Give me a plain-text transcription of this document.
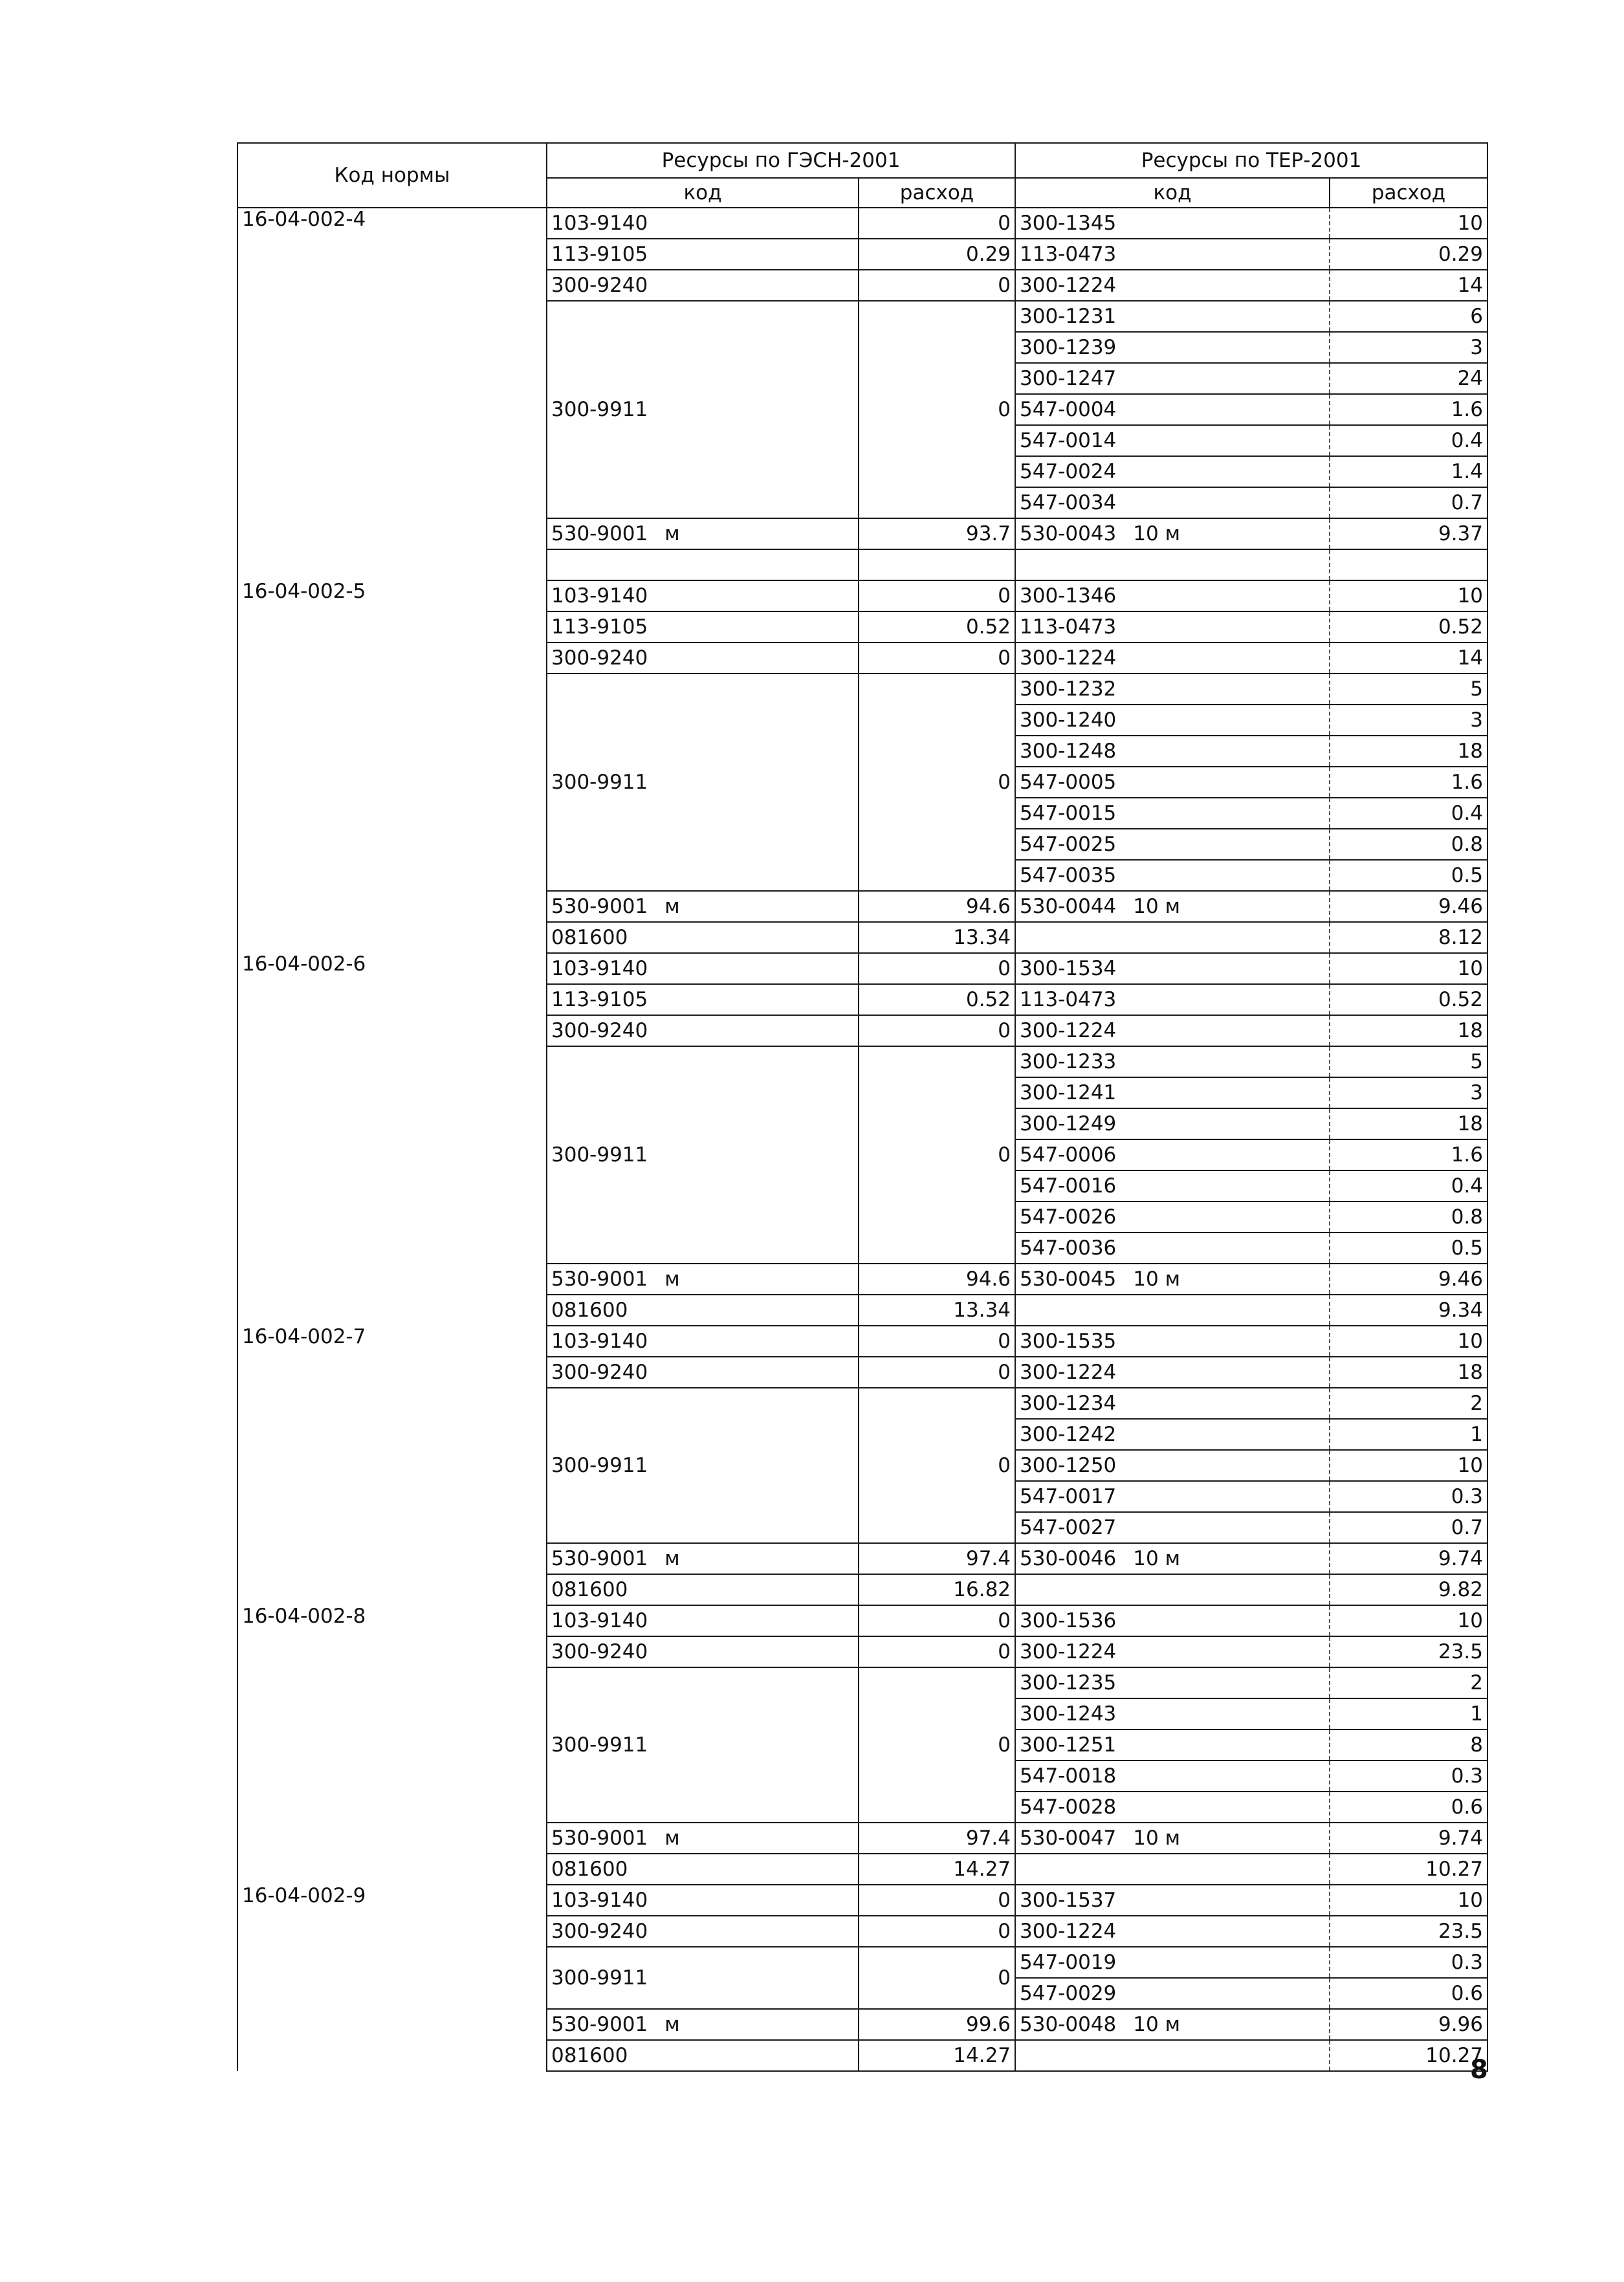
Код нормы	Ресурсы по ГЭСН-2001		Ресурсы по ТЕР-2001	
	код	расход	код	расход
16-04-002-4	103-9140	0	300-1345	10
	113-9105	0.29	113-0473	0.29
	300-9240	0	300-1224	14
	300-9911	0	300-1231	6
			300-1239	3
			300-1247	24
			547-0004	1.6
			547-0014	0.4
			547-0024	1.4
			547-0034	0.7
	530-9001 м	93.7	530-0043 10 м	9.37

16-04-002-5	103-9140	0	300-1346	10
	113-9105	0.52	113-0473	0.52
	300-9240	0	300-1224	14
	300-9911	0	300-1232	5
			300-1240	3
			300-1248	18
			547-0005	1.6
			547-0015	0.4
			547-0025	0.8
			547-0035	0.5
	530-9001 м	94.6	530-0044 10 м	9.46
	081600	13.34		8.12
16-04-002-6	103-9140	0	300-1534	10
	113-9105	0.52	113-0473	0.52
	300-9240	0	300-1224	18
	300-9911	0	300-1233	5
			300-1241	3
			300-1249	18
			547-0006	1.6
			547-0016	0.4
			547-0026	0.8
			547-0036	0.5
	530-9001 м	94.6	530-0045 10 м	9.46
	081600	13.34		9.34
16-04-002-7	103-9140	0	300-1535	10
	300-9240	0	300-1224	18
	300-9911	0	300-1234	2
			300-1242	1
			300-1250	10
			547-0017	0.3
			547-0027	0.7
	530-9001 м	97.4	530-0046 10 м	9.74
	081600	16.82		9.82
16-04-002-8	103-9140	0	300-1536	10
	300-9240	0	300-1224	23.5
	300-9911	0	300-1235	2
			300-1243	1
			300-1251	8
			547-0018	0.3
			547-0028	0.6
	530-9001 м	97.4	530-0047 10 м	9.74
	081600	14.27		10.27
16-04-002-9	103-9140	0	300-1537	10
	300-9240	0	300-1224	23.5
	300-9911	0	547-0019	0.3
			547-0029	0.6
	530-9001 м	99.6	530-0048 10 м	9.96
	081600	14.27		10.27
8
